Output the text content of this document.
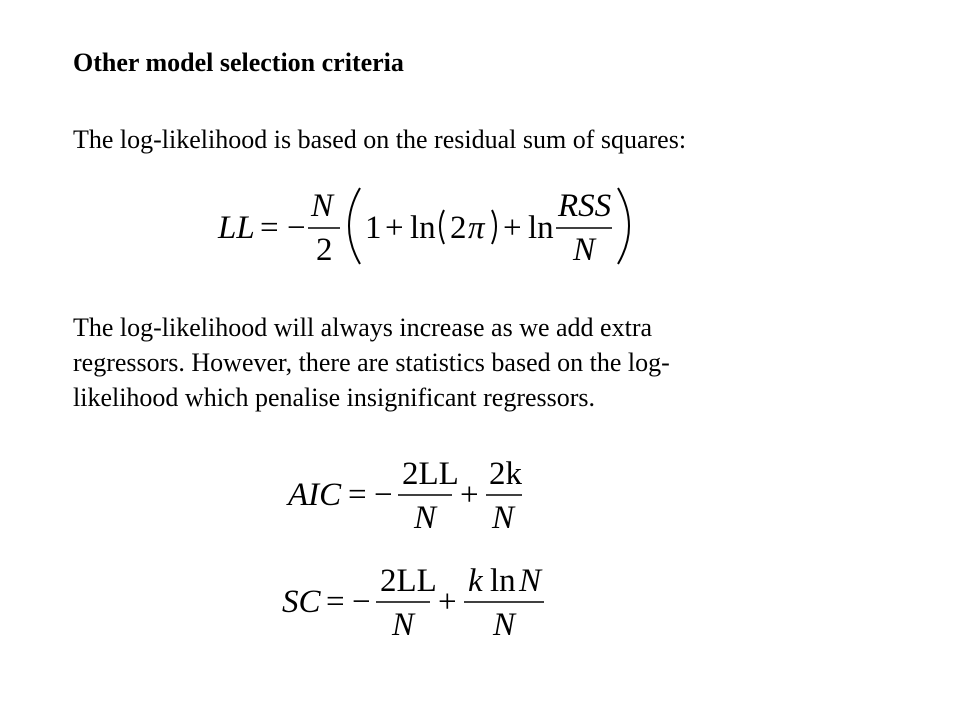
Other model selection criteria
The log-likelihood is based on the residual sum of squares:
LL = −
N
2
1 + ln 2 π + ln
RSS
N
The log-likelihood will always increase as we add extra
regressors. However, there are statistics based on the log-
likelihood which penalise insignificant regressors.
AIC = −
2LL
N
+
2k
N
SC = −
2LL
N
+
k ln N
N
